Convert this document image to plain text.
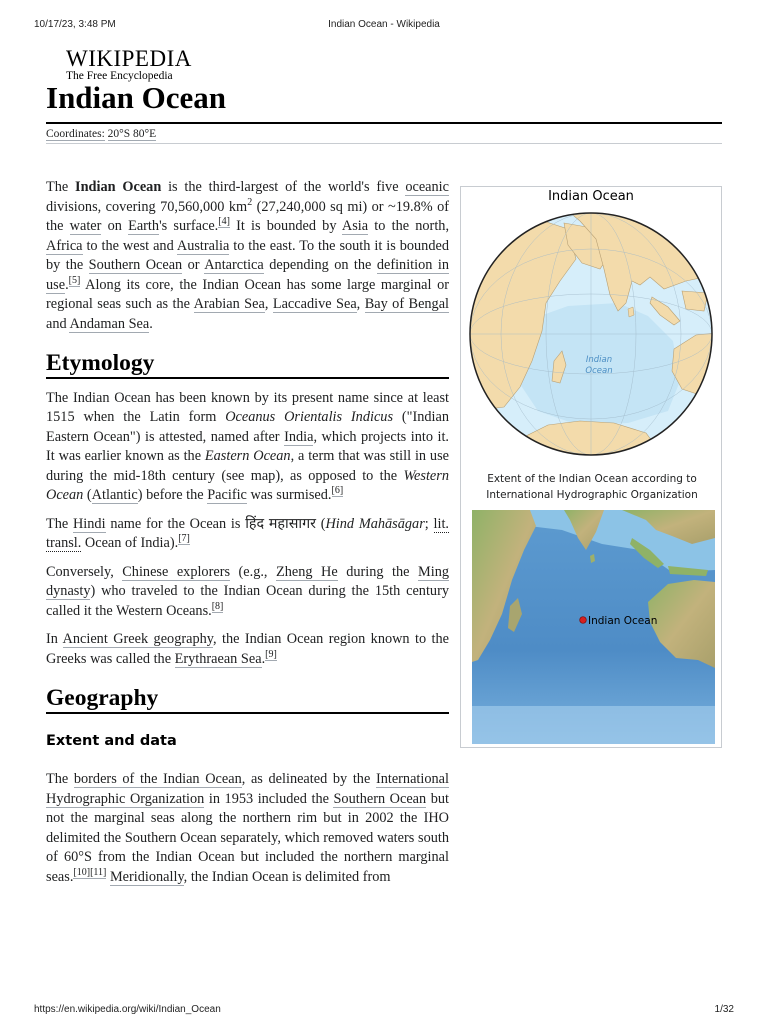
10/17/23, 3:48 PM	Indian Ocean - Wikipedia
WIKIPEDIA
The Free Encyclopedia
Indian Ocean
Coordinates: 20°S 80°E

The Indian Ocean is the third-largest of the world's five oceanic divisions, covering 70,560,000 $km^2$ (27,240,000 sq mi) or ~19.8% of the water on Earth's surface.[4] It is bounded by Asia to the north, Africa to the west and Australia to the east. To the south it is bounded by the Southern Ocean or Antarctica depending on the definition in use.[5] Along its core, the Indian Ocean has some large marginal or regional seas such as the Arabian Sea, Laccadive Sea, Bay of Bengal and Andaman Sea.

Etymology

The Indian Ocean has been known by its present name since at least 1515 when the Latin form Oceanus Orientalis Indicus ("Indian Eastern Ocean") is attested, named after India, which projects into it. It was earlier known as the Eastern Ocean, a term that was still in use during the mid-18th century (see map), as opposed to the Western Ocean (Atlantic) before the Pacific was surmised.[6]

The Hindi name for the Ocean is हिंद महासागर (Hind Mahāsāgar; lit. transl. Ocean of India).[7]

Conversely, Chinese explorers (e.g., Zheng He during the Ming dynasty) who traveled to the Indian Ocean during the 15th century called it the Western Oceans.[8]

In Ancient Greek geography, the Indian Ocean region known to the Greeks was called the Erythraean Sea.[9]

Geography
Extent and data

The borders of the Indian Ocean, as delineated by the International Hydrographic Organization in 1953 included the Southern Ocean but not the marginal seas along the northern rim but in 2002 the IHO delimited the Southern Ocean separately, which removed waters south of 60°S from the Indian Ocean but included the northern marginal seas.[10][11] Meridionally, the Indian Ocean is delimited from

Indian Ocean
Indian
Ocean
Extent of the Indian Ocean according to
International Hydrographic Organization
Indian Ocean
https://en.wikipedia.org/wiki/Indian_Ocean	1/32
